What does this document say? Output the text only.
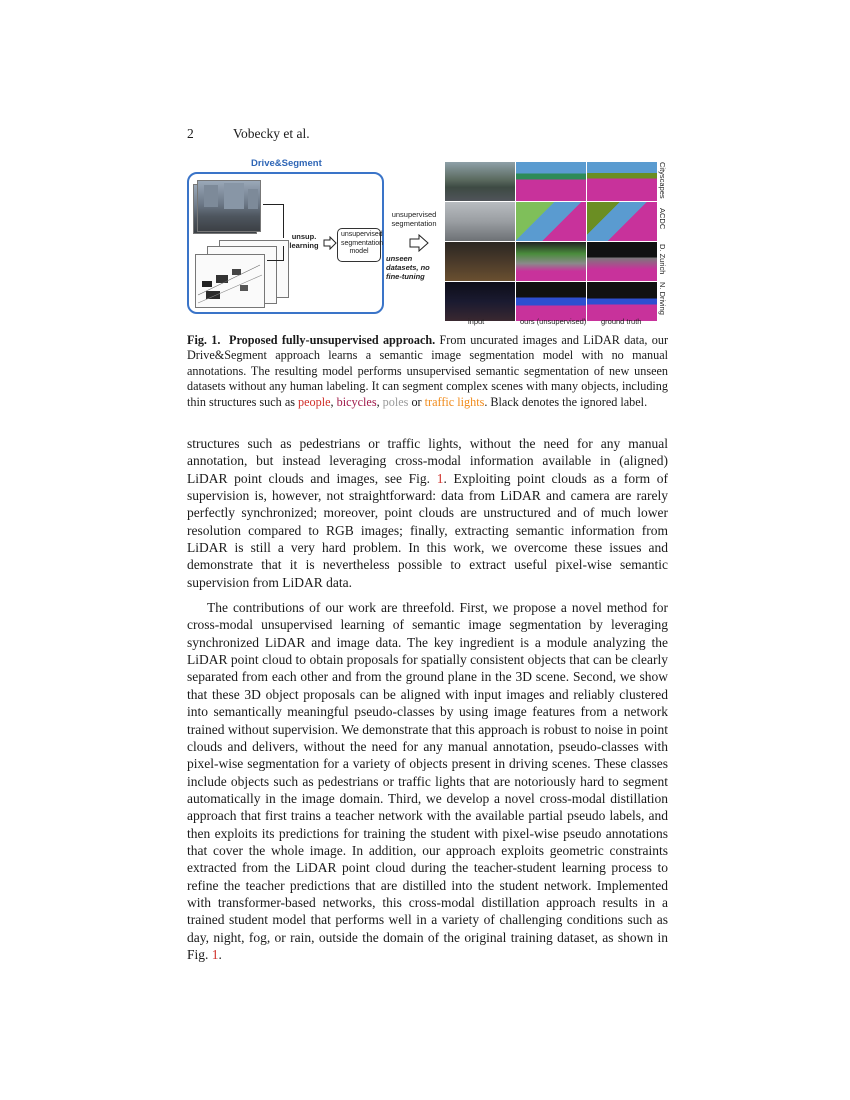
2	Vobecky et al.
Drive&Segment
unsup. learning
unsupervised segmentation model
unsupervised segmentation
unseen datasets, no fine-tuning
Cityscapes
ACDC
D. Zurich
N. Driving
input	ours (unsupervised) ground truth
Fig. 1. Proposed fully-unsupervised approach. From uncurated images and LiDAR data, our Drive&Segment approach learns a semantic image segmentation model with no manual annotations. The resulting model performs unsupervised semantic segmentation of new unseen datasets without any human labeling. It can segment complex scenes with many objects, including thin structures such as people, bicycles, poles or traffic lights. Black denotes the ignored label.

structures such as pedestrians or traffic lights, without the need for any manual annotation, but instead leveraging cross-modal information available in (aligned) LiDAR point clouds and images, see Fig. 1. Exploiting point clouds as a form of supervision is, however, not straightforward: data from LiDAR and camera are rarely perfectly synchronized; moreover, point clouds are unstructured and of much lower resolution compared to RGB images; finally, extracting semantic information from LiDAR is still a very hard problem. In this work, we overcome these issues and demonstrate that it is nevertheless possible to extract useful pixel-wise semantic supervision from LiDAR data.

The contributions of our work are threefold. First, we propose a novel method for cross-modal unsupervised learning of semantic image segmentation by leveraging synchronized LiDAR and image data. The key ingredient is a module analyzing the LiDAR point cloud to obtain proposals for spatially consistent objects that can be clearly separated from each other and from the ground plane in the 3D scene. Second, we show that these 3D object proposals can be aligned with input images and reliably clustered into semantically meaningful pseudo-classes by using image features from a network trained without supervision. We demonstrate that this approach is robust to noise in point clouds and delivers, without the need for any manual annotation, pseudo-classes with pixel-wise segmentation for a variety of objects present in driving scenes. These classes include objects such as pedestrians or traffic lights that are notoriously hard to segment automatically in the image domain. Third, we develop a novel cross-modal distillation approach that first trains a teacher network with the available partial pseudo labels, and then exploits its predictions for training the student with pixel-wise pseudo annotations that cover the whole image. In addition, our approach exploits geometric constraints extracted from the LiDAR point cloud during the teacher-student learning process to refine the teacher predictions that are distilled into the student network. Implemented with transformer-based networks, this cross-modal distillation approach results in a trained student model that performs well in a variety of challenging conditions such as day, night, fog, or rain, outside the domain of the original training dataset, as shown in Fig. 1.
